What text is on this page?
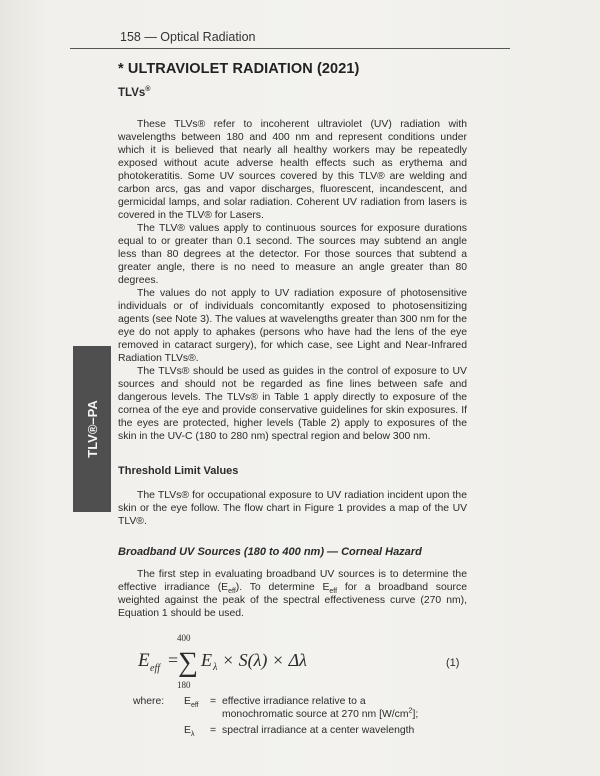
158 — Optical Radiation
* ULTRAVIOLET RADIATION (2021)
TLVs®
TLV®–PA

These TLVs® refer to incoherent ultraviolet (UV) radiation with wavelengths between 180 and 400 nm and represent conditions under which it is believed that nearly all healthy workers may be repeatedly exposed without acute adverse health effects such as erythema and photokeratitis. Some UV sources covered by this TLV® are welding and carbon arcs, gas and vapor discharges, fluorescent, incandescent, and germicidal lamps, and solar radiation. Coherent UV radiation from lasers is covered in the TLV® for Lasers.

The TLV® values apply to continuous sources for exposure durations equal to or greater than 0.1 second. The sources may subtend an angle less than 80 degrees at the detector. For those sources that subtend a greater angle, there is no need to measure an angle greater than 80 degrees.

The values do not apply to UV radiation exposure of photosensitive individuals or of individuals concomitantly exposed to photosensitizing agents (see Note 3). The values at wavelengths greater than 300 nm for the eye do not apply to aphakes (persons who have had the lens of the eye removed in cataract surgery), for which case, see Light and Near-Infrared Radiation TLVs®.

The TLVs® should be used as guides in the control of exposure to UV sources and should not be regarded as fine lines between safe and dangerous levels. The TLVs® in Table 1 apply directly to exposure of the cornea of the eye and provide conservative guidelines for skin exposures. If the eyes are protected, higher levels (Table 2) apply to exposures of the skin in the UV-C (180 to 280 nm) spectral region and below 300 nm.

Threshold Limit Values

The TLVs® for occupational exposure to UV radiation incident upon the skin or the eye follow. The flow chart in Figure 1 provides a map of the UV TLV®.

Broadband UV Sources (180 to 400 nm) — Corneal Hazard

The first step in evaluating broadband UV sources is to determine the effective irradiance $(E_{eff})$. To determine $E_{eff}$ for a broadband source weighted against the peak of the spectral effectiveness curve (270 nm), Equation 1 should be used.

E eff =
400
∑
180
E λ × S(λ) × Δλ	(1)
where: $E_{eff}$ = effective irradiance relative to a
monochromatic source at 270 nm $[W/cm^2]$;
$E_\lambda$ = spectral irradiance at a center wavelength
